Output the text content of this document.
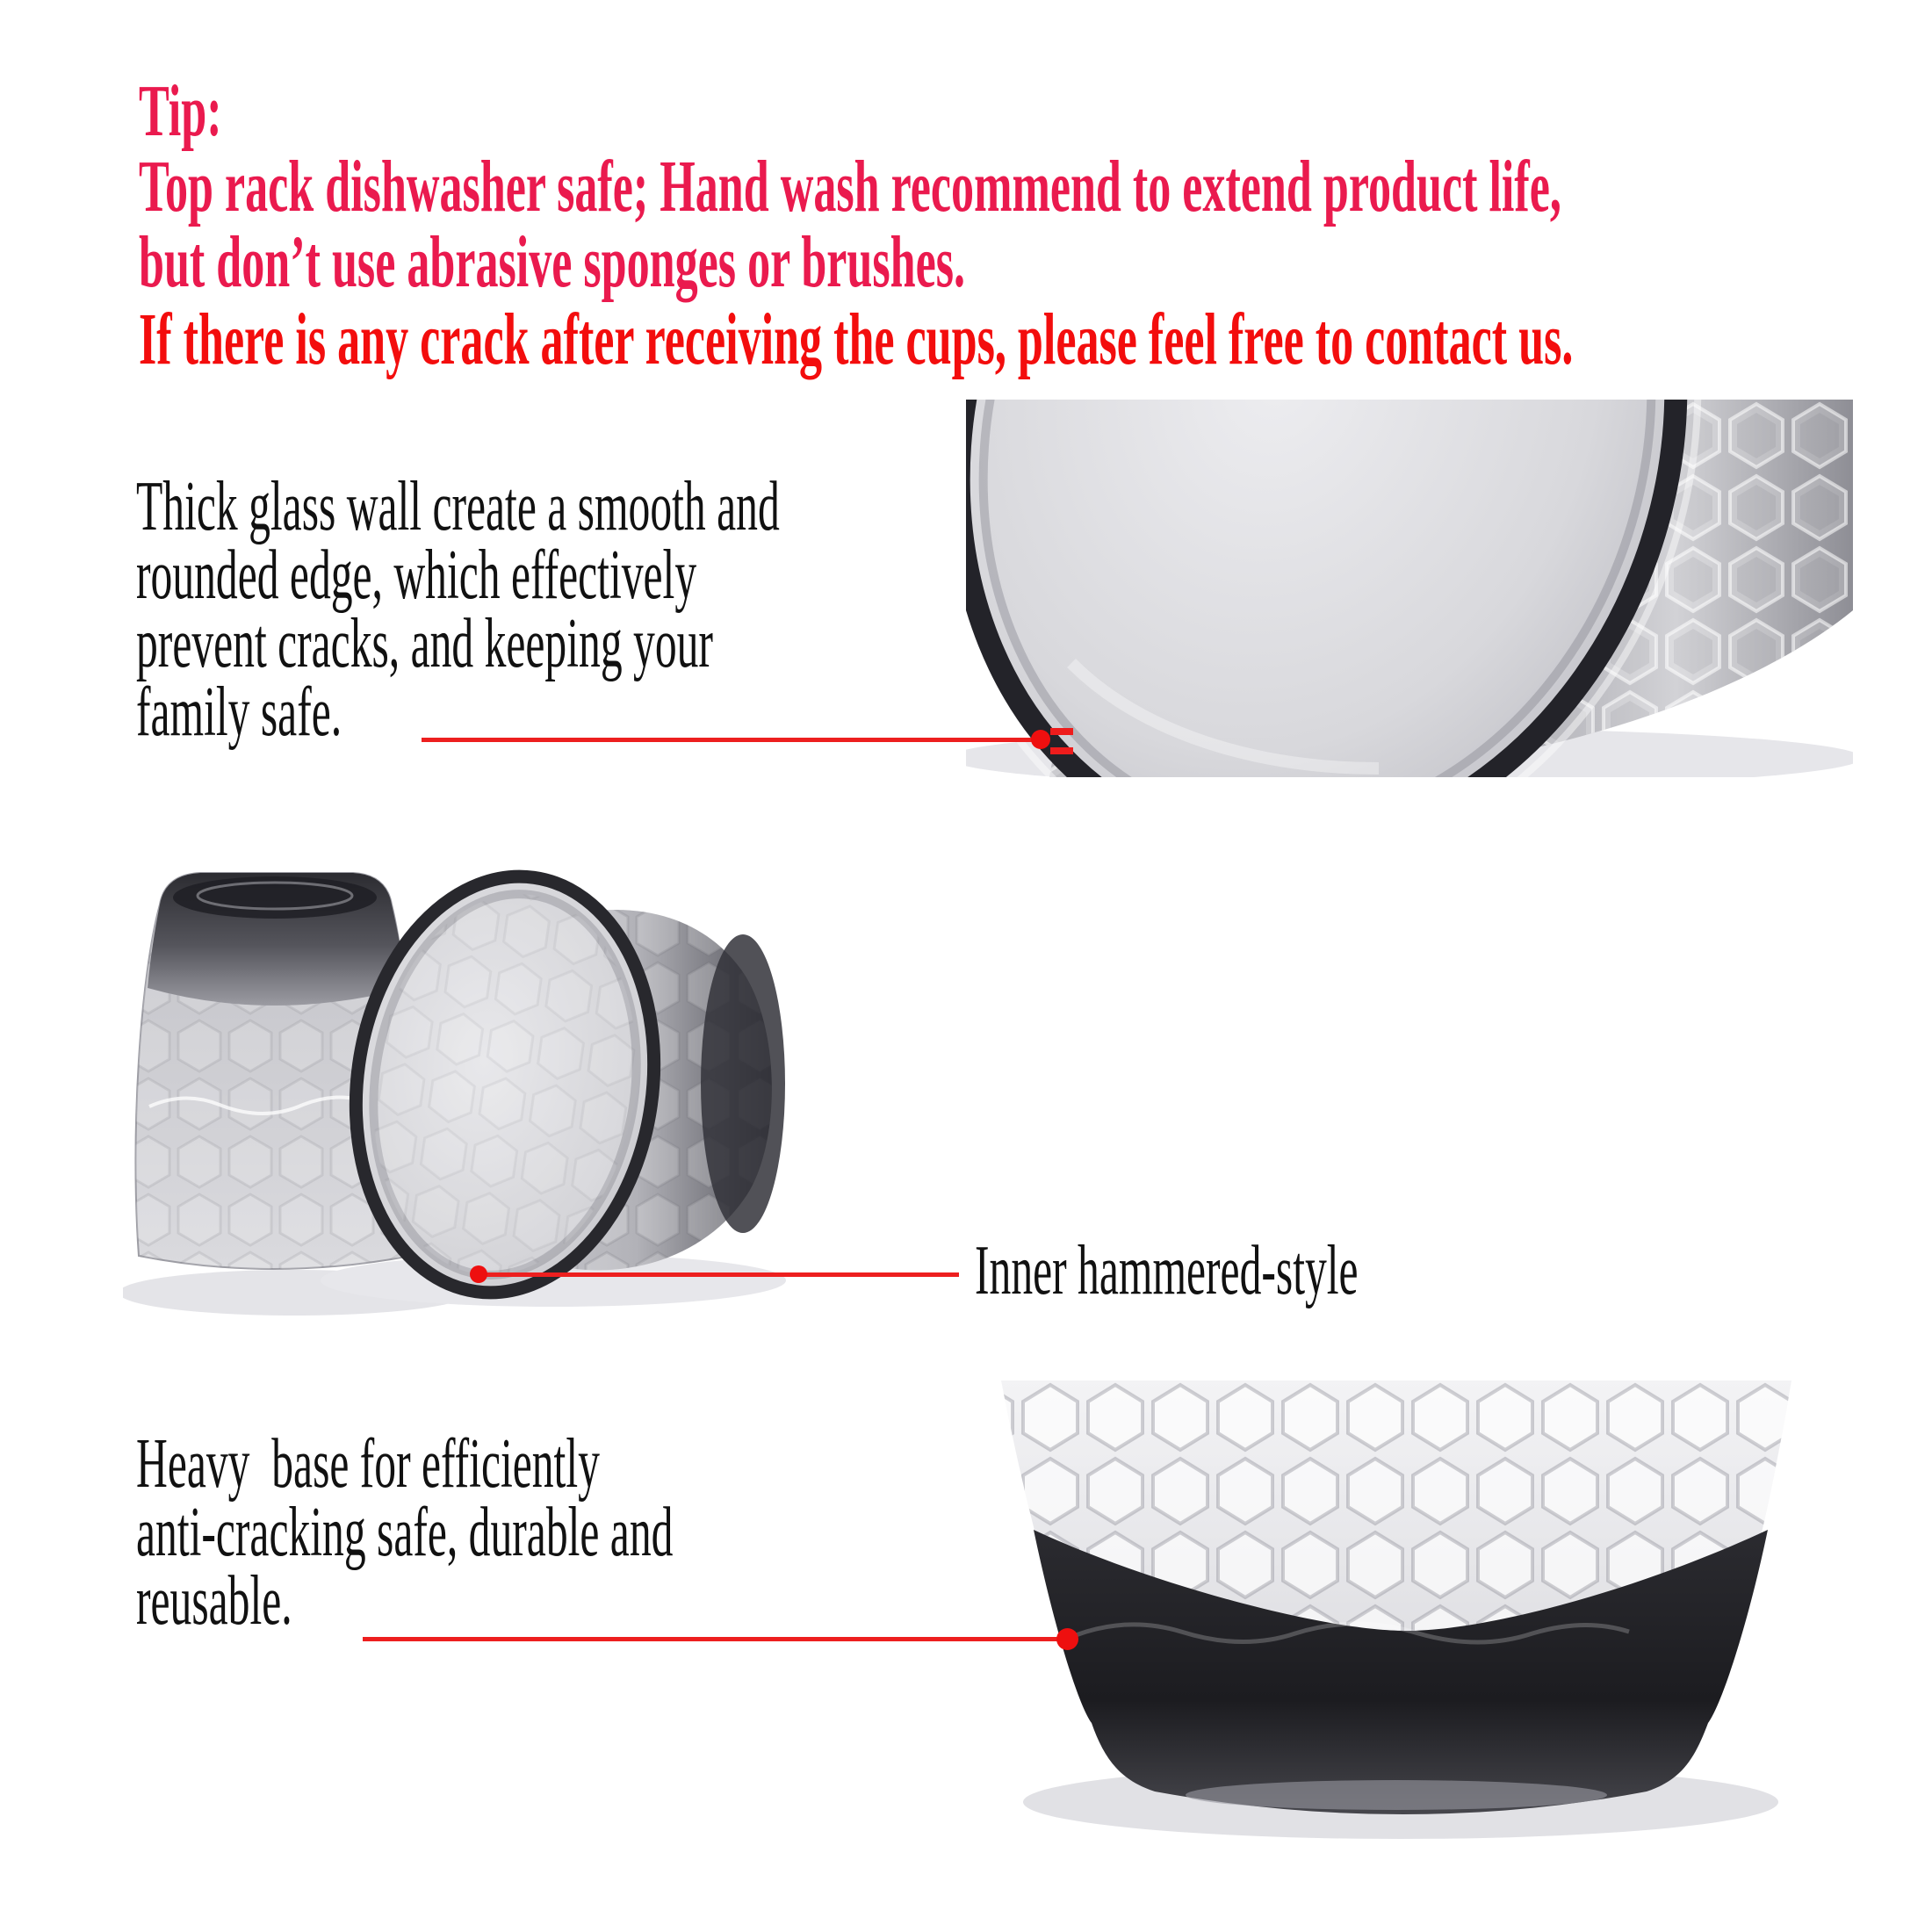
Tip:
Top rack dishwasher safe; Hand wash recommend to extend product life,
but don’t use abrasive sponges or brushes.
If there is any crack after receiving the cups, please feel free to contact us.
Thick glass wall create a smooth and
rounded edge, which effectively
prevent cracks, and keeping your
family safe.
Inner hammered-style
Heavy  base for efficiently
anti-cracking safe, durable and
reusable.
